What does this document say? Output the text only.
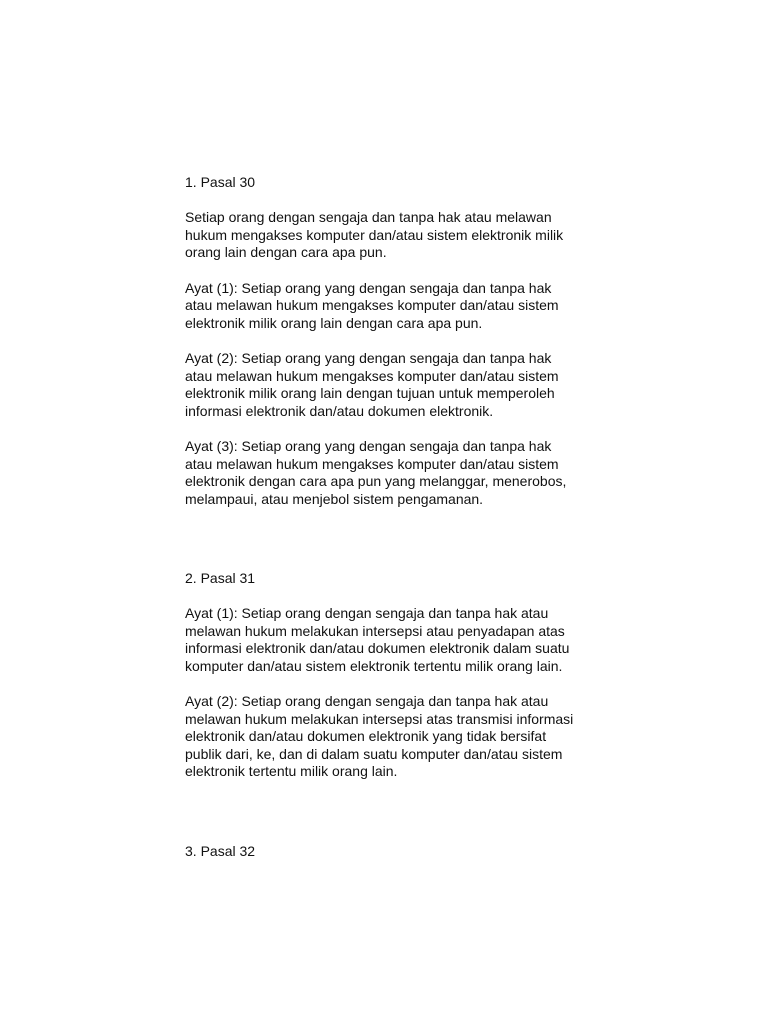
1. Pasal 30
Setiap orang dengan sengaja dan tanpa hak atau melawan
hukum mengakses komputer dan/atau sistem elektronik milik
orang lain dengan cara apa pun.
Ayat (1): Setiap orang yang dengan sengaja dan tanpa hak
atau melawan hukum mengakses komputer dan/atau sistem
elektronik milik orang lain dengan cara apa pun.
Ayat (2): Setiap orang yang dengan sengaja dan tanpa hak
atau melawan hukum mengakses komputer dan/atau sistem
elektronik milik orang lain dengan tujuan untuk memperoleh
informasi elektronik dan/atau dokumen elektronik.
Ayat (3): Setiap orang yang dengan sengaja dan tanpa hak
atau melawan hukum mengakses komputer dan/atau sistem
elektronik dengan cara apa pun yang melanggar, menerobos,
melampaui, atau menjebol sistem pengamanan.
2. Pasal 31
Ayat (1): Setiap orang dengan sengaja dan tanpa hak atau
melawan hukum melakukan intersepsi atau penyadapan atas
informasi elektronik dan/atau dokumen elektronik dalam suatu
komputer dan/atau sistem elektronik tertentu milik orang lain.
Ayat (2): Setiap orang dengan sengaja dan tanpa hak atau
melawan hukum melakukan intersepsi atas transmisi informasi
elektronik dan/atau dokumen elektronik yang tidak bersifat
publik dari, ke, dan di dalam suatu komputer dan/atau sistem
elektronik tertentu milik orang lain.
3. Pasal 32
